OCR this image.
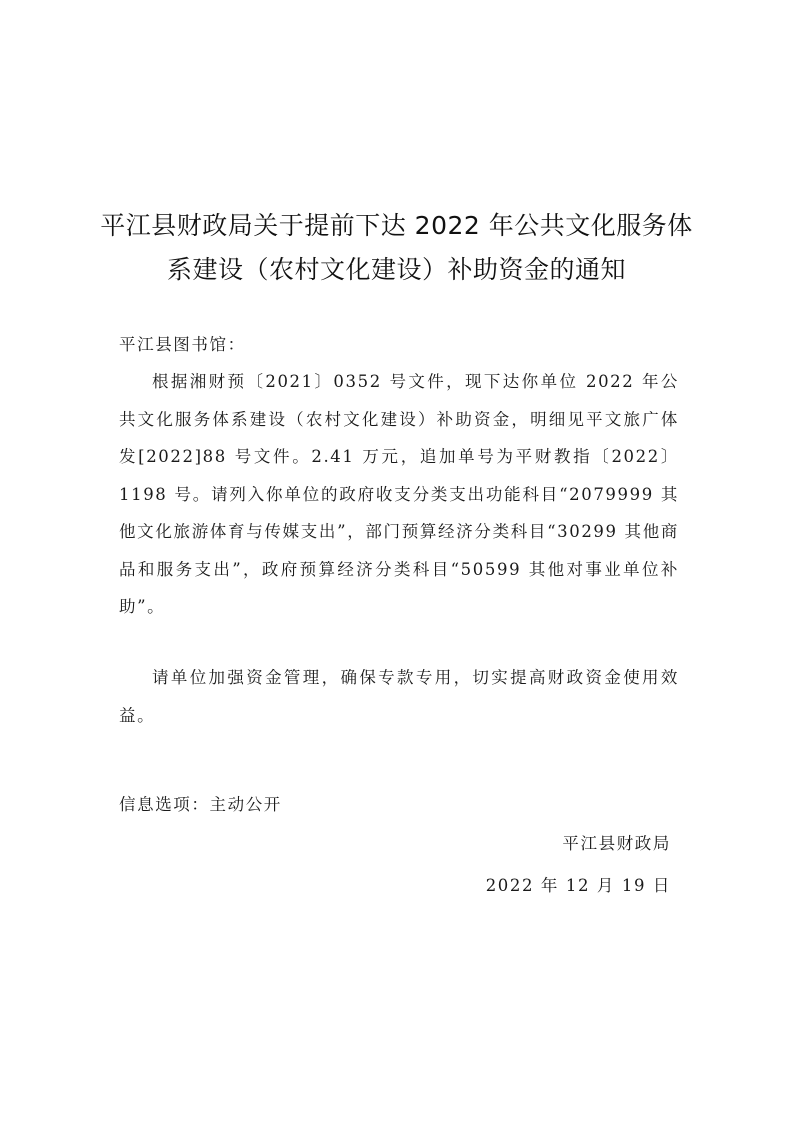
平江县财政局关于提前下达 2022 年公共文化服务体
系建设（农村文化建设）补助资金的通知
平江县图书馆：
根据湘财预〔2021〕0352 号文件，现下达你单位 2022 年公共文化服务体系建设（农村文化建设）补助资金，明细见平文旅广体发[2022]88 号文件。2.41 万元，追加单号为平财教指〔2022〕1198 号。请列入你单位的政府收支分类支出功能科目“2079999 其他文化旅游体育与传媒支出”，部门预算经济分类科目“30299 其他商品和服务支出”，政府预算经济分类科目“50599 其他对事业单位补助”。
请单位加强资金管理，确保专款专用，切实提高财政资金使用效益。
信息选项：主动公开
平江县财政局
2022 年 12 月 19 日
